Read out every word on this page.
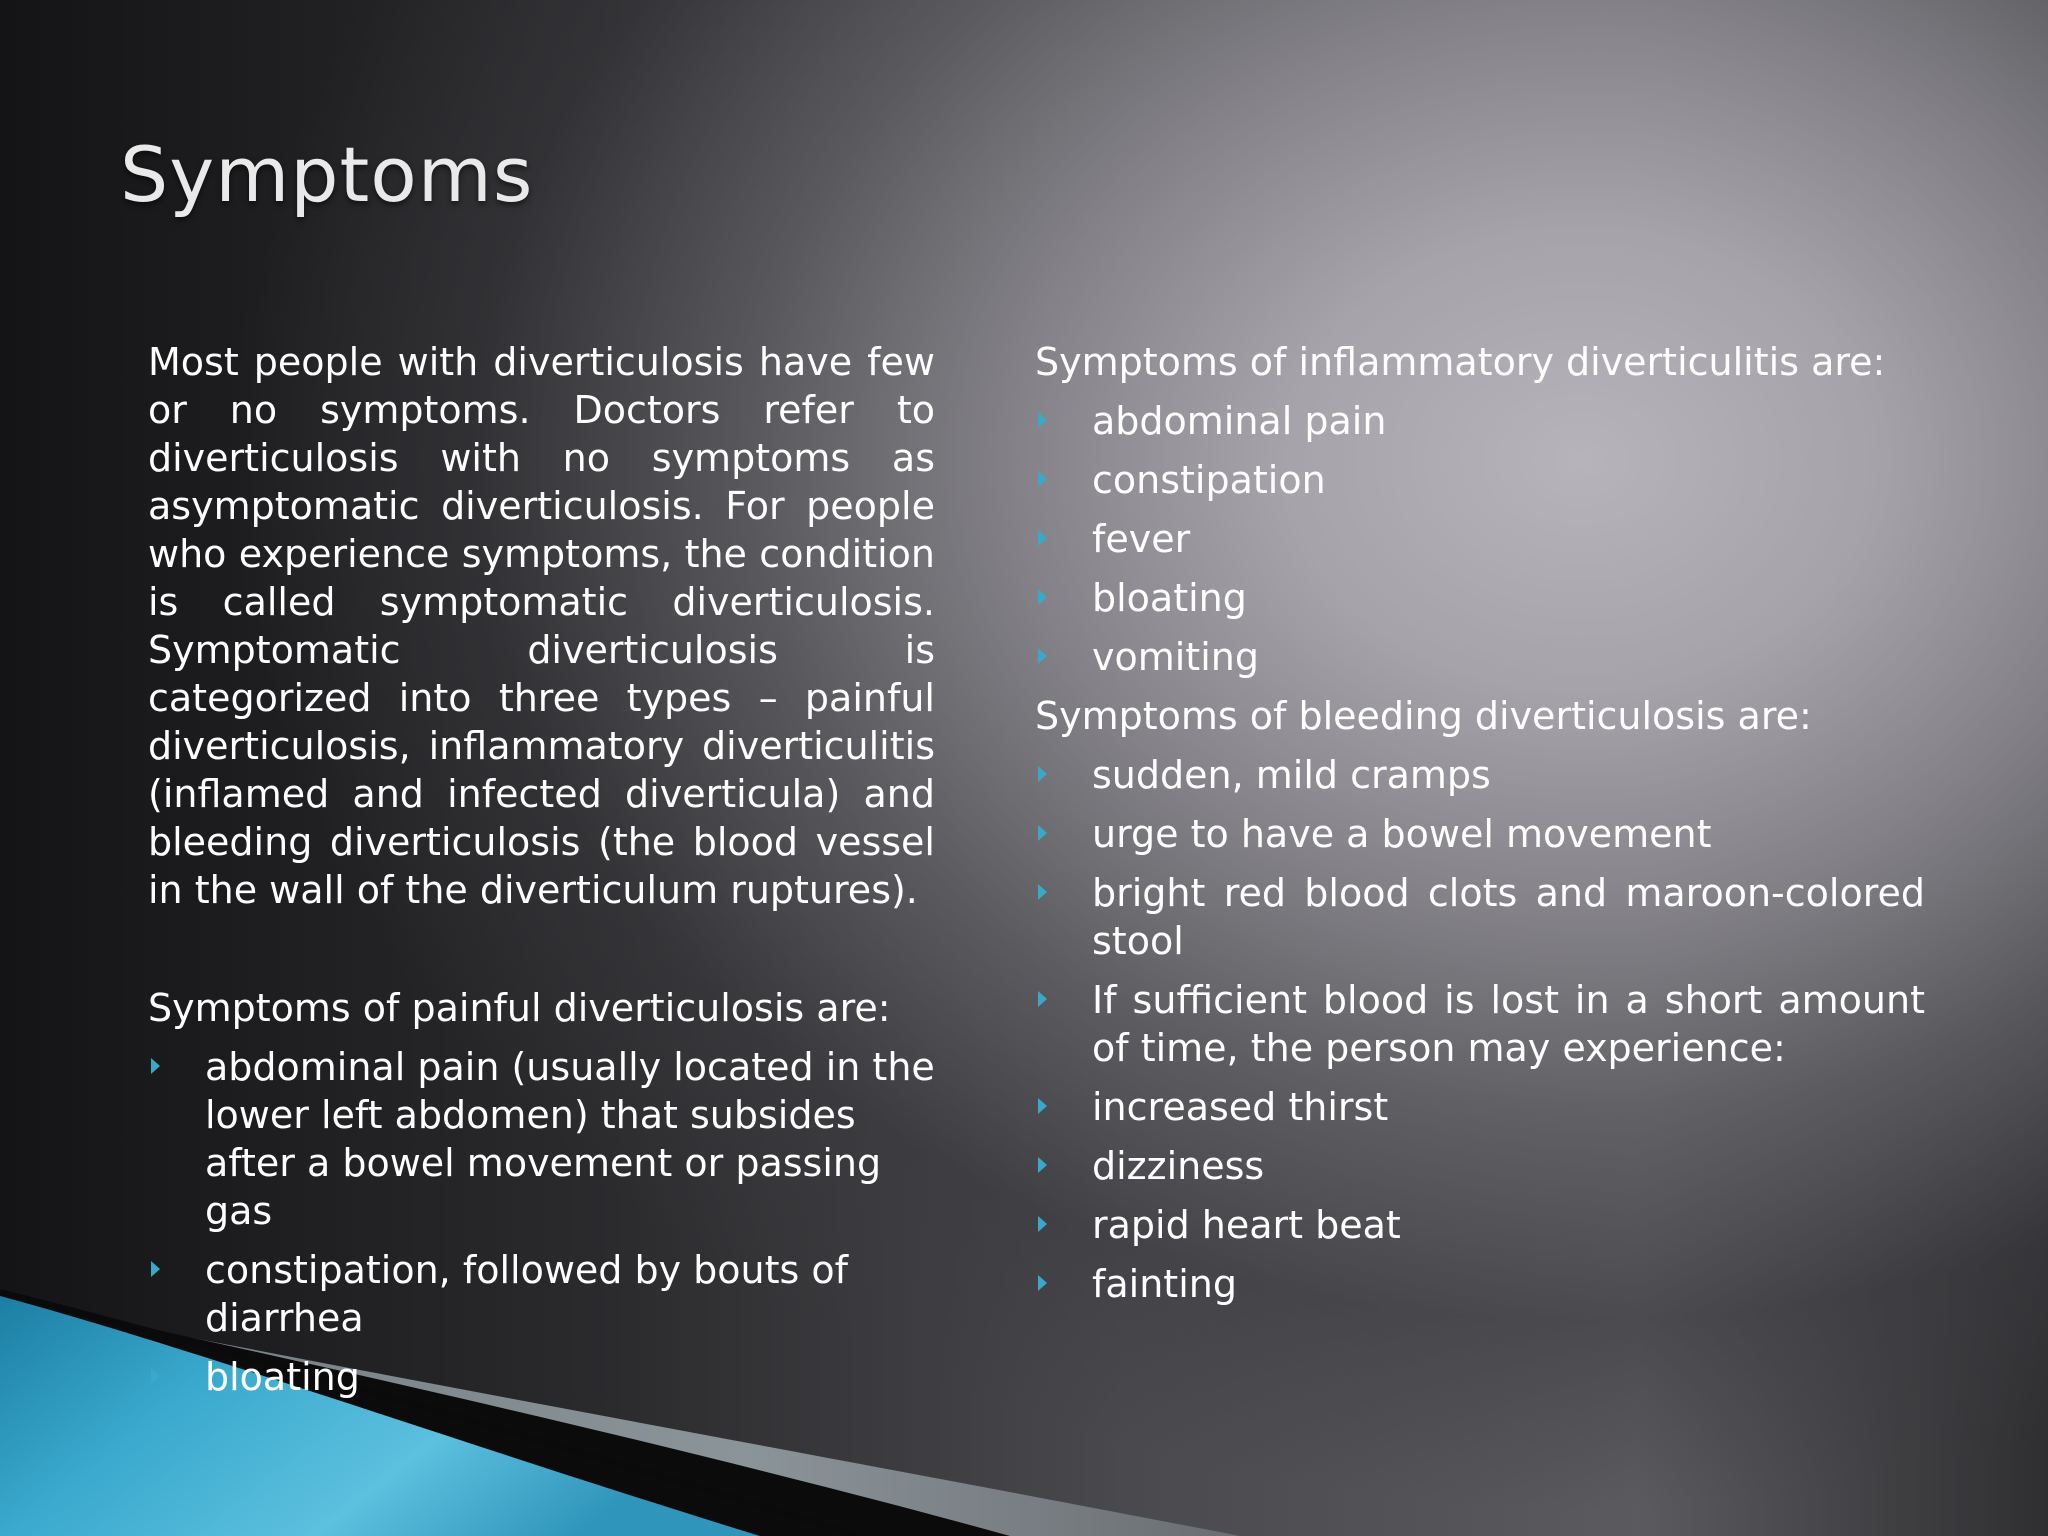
Symptoms

Most people with diverticulosis have few or no symptoms. Doctors refer to diverticulosis with no symptoms as asymptomatic diverticulosis. For people who experience symptoms, the condition is called symptomatic diverticulosis. Symptomatic diverticulosis is categorized into three types – painful diverticulosis, inflammatory diverticulitis (inflamed and infected diverticula) and bleeding diverticulosis (the blood vessel in the wall of the diverticulum ruptures).

Symptoms of painful diverticulosis are:

abdominal pain (usually located in the lower left abdomen) that subsides after a bowel movement or passing gas
constipation, followed by bouts of diarrhea
bloating

Symptoms of inflammatory diverticulitis are:

abdominal pain
constipation
fever
bloating
vomiting

Symptoms of bleeding diverticulosis are:

sudden, mild cramps
urge to have a bowel movement
bright red blood clots and maroon-colored stool
If sufficient blood is lost in a short amount of time, the person may experience:
increased thirst
dizziness
rapid heart beat
fainting
